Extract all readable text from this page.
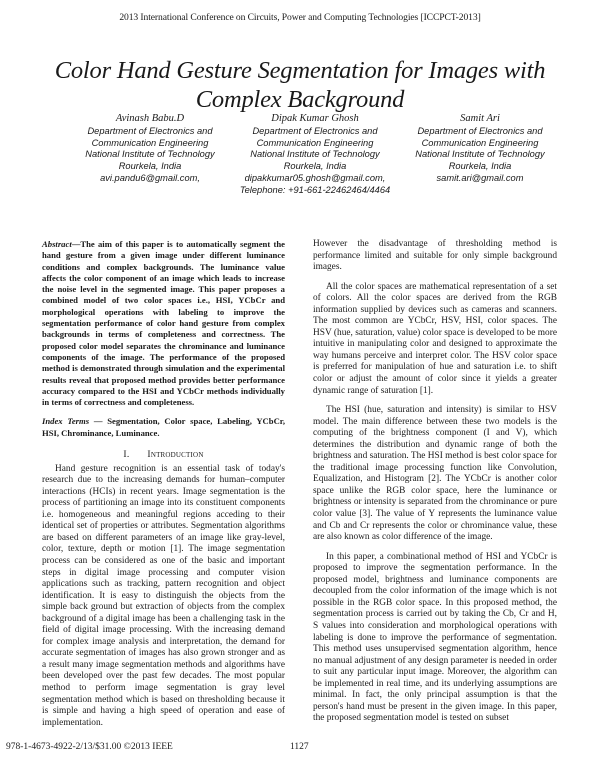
2013 International Conference on Circuits, Power and Computing Technologies [ICCPCT-2013]
Color Hand Gesture Segmentation for Images with
Complex Background
Avinash Babu.D
Department of Electronics and
Communication Engineering
National Institute of Technology
Rourkela, India
avi.pandu6@gmail.com,
Dipak Kumar Ghosh
Department of Electronics and
Communication Engineering
National Institute of Technology
Rourkela, India
dipakkumar05.ghosh@gmail.com,
Telephone: +91-661-22462464/4464
Samit Ari
Department of Electronics and
Communication Engineering
National Institute of Technology
Rourkela, India
samit.ari@gmail.com

Abstract—The aim of this paper is to automatically segment the hand gesture from a given image under different luminance conditions and complex backgrounds. The luminance value affects the color component of an image which leads to increase the noise level in the segmented image. This paper proposes a combined model of two color spaces i.e., HSI, YCbCr and morphological operations with labeling to improve the segmentation performance of color hand gesture from complex backgrounds in terms of completeness and correctness. The proposed color model separates the chrominance and luminance components of the image. The performance of the proposed method is demonstrated through simulation and the experimental results reveal that proposed method provides better performance accuracy compared to the HSI and YCbCr methods individually in terms of correctness and completeness.

Index Terms — Segmentation, Color space, Labeling, YCbCr, HSI, Chrominance, Luminance.

I. Introduction

Hand gesture recognition is an essential task of today's research due to the increasing demands for human–computer interactions (HCIs) in recent years. Image segmentation is the process of partitioning an image into its constituent components i.e. homogeneous and meaningful regions acceding to their identical set of properties or attributes. Segmentation algorithms are based on different parameters of an image like gray-level, color, texture, depth or motion [1]. The image segmentation process can be considered as one of the basic and important steps in digital image processing and computer vision applications such as tracking, pattern recognition and object identification. It is easy to distinguish the objects from the simple back ground but extraction of objects from the complex background of a digital image has been a challenging task in the field of digital image processing. With the increasing demand for complex image analysis and interpretation, the demand for accurate segmentation of images has also grown stronger and as a result many image segmentation methods and algorithms have been developed over the past few decades. The most popular method to perform image segmentation is gray level segmentation method which is based on thresholding because it is simple and having a high speed of operation and ease of implementation.

However the disadvantage of thresholding method is performance limited and suitable for only simple background images.

All the color spaces are mathematical representation of a set of colors. All the color spaces are derived from the RGB information supplied by devices such as cameras and scanners. The most common are YCbCr, HSV, HSI, color spaces. The HSV (hue, saturation, value) color space is developed to be more intuitive in manipulating color and designed to approximate the way humans perceive and interpret color. The HSV color space is preferred for manipulation of hue and saturation i.e. to shift color or adjust the amount of color since it yields a greater dynamic range of saturation [1].

The HSI (hue, saturation and intensity) is similar to HSV model. The main difference between these two models is the computing of the brightness component (I and V), which determines the distribution and dynamic range of both the brightness and saturation. The HSI method is best color space for the traditional image processing function like Convolution, Equalization, and Histogram [2]. The YCbCr is another color space unlike the RGB color space, here the luminance or brightness or intensity is separated from the chrominance or pure color value [3]. The value of Y represents the luminance value and Cb and Cr represents the color or chrominance value, these are also known as color difference of the image.

In this paper, a combinational method of HSI and YCbCr is proposed to improve the segmentation performance. In the proposed model, brightness and luminance components are decoupled from the color information of the image which is not possible in the RGB color space. In this proposed method, the segmentation process is carried out by taking the Cb, Cr and H, S values into consideration and morphological operations with labeling is done to improve the performance of segmentation. This method uses unsupervised segmentation algorithm, hence no manual adjustment of any design parameter is needed in order to suit any particular input image. Moreover, the algorithm can be implemented in real time, and its underlying assumptions are minimal. In fact, the only principal assumption is that the person's hand must be present in the given image. In this paper, the proposed segmentation model is tested on subset

978-1-4673-4922-2/13/$31.00 ©2013 IEEE	1127
